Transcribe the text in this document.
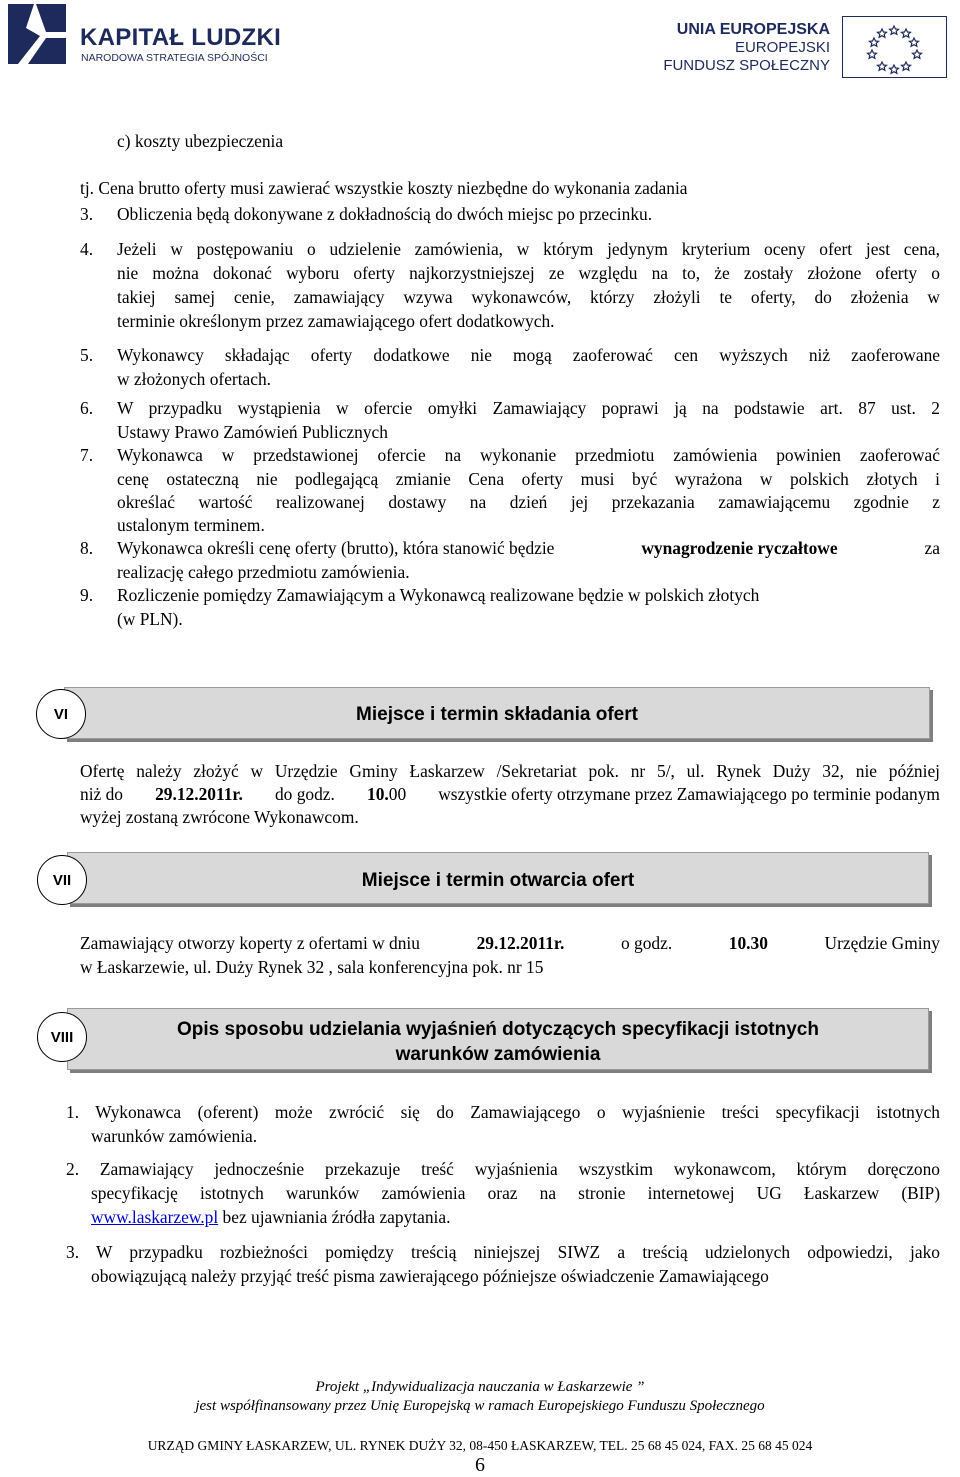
KAPITAŁ LUDZKI
NARODOWA STRATEGIA SPÓJNOŚCI
UNIA EUROPEJSKA
EUROPEJSKI
FUNDUSZ SPOŁECZNY
c) koszty ubezpieczenia
tj. Cena brutto oferty musi zawierać wszystkie koszty niezbędne do wykonania zadania
3. Obliczenia będą dokonywane z dokładnością do dwóch miejsc po przecinku.
4. Jeżeli w postępowaniu o udzielenie zamówienia, w którym jedynym kryterium oceny ofert jest cena,
nie można dokonać wyboru oferty najkorzystniejszej ze względu na to, że zostały złożone oferty o
takiej samej cenie, zamawiający wzywa wykonawców, którzy złożyli te oferty, do złożenia w
terminie określonym przez zamawiającego ofert dodatkowych.
5. Wykonawcy składając oferty dodatkowe nie mogą zaoferować cen wyższych niż zaoferowane
w złożonych ofertach.
6. W przypadku wystąpienia w ofercie omyłki Zamawiający poprawi ją na podstawie art. 87 ust. 2
Ustawy Prawo Zamówień Publicznych
7. Wykonawca w przedstawionej ofercie na wykonanie przedmiotu zamówienia powinien zaoferować
cenę ostateczną nie podlegającą zmianie Cena oferty musi być wyrażona w polskich złotych i
określać wartość realizowanej dostawy na dzień jej przekazania zamawiającemu zgodnie z
ustalonym terminem.
8. Wykonawca określi cenę oferty (brutto), która stanowić będzie	wynagrodzenie ryczałtowe	za
realizację całego przedmiotu zamówienia.
9. Rozliczenie pomiędzy Zamawiającym a Wykonawcą realizowane będzie w polskich złotych
(w PLN).
Miejsce i termin składania ofert
VI
Ofertę należy złożyć w Urzędzie Gminy Łaskarzew /Sekretariat pok. nr 5/, ul. Rynek Duży 32, nie później
niż do 29.12.2011r. do godz. 10.00 wszystkie oferty otrzymane przez Zamawiającego po terminie podanym
wyżej zostaną zwrócone Wykonawcom.
Miejsce i termin otwarcia ofert
VII
Zamawiający otworzy koperty z ofertami w dniu	29.12.2011r.	o godz.	10.30	Urzędzie Gminy
w Łaskarzewie, ul. Duży Rynek 32 , sala konferencyjna pok. nr 15
Opis sposobu udzielania wyjaśnień dotyczących specyfikacji istotnych
warunków zamówienia
VIII
1. Wykonawca (oferent) może zwrócić się do Zamawiającego o wyjaśnienie treści specyfikacji istotnych
warunków zamówienia.
2. Zamawiający jednocześnie przekazuje treść wyjaśnienia wszystkim wykonawcom, którym doręczono
specyfikację istotnych warunków zamówienia oraz na stronie internetowej UG Łaskarzew (BIP)
www.laskarzew.pl bez ujawniania źródła zapytania.
3. W przypadku rozbieżności pomiędzy treścią niniejszej SIWZ a treścią udzielonych odpowiedzi, jako
obowiązującą należy przyjąć treść pisma zawierającego późniejsze oświadczenie Zamawiającego
Projekt „Indywidualizacja nauczania w Łaskarzewie ”
jest współfinansowany przez Unię Europejską w ramach Europejskiego Funduszu Społecznego
URZĄD GMINY ŁASKARZEW, UL. RYNEK DUŻY 32, 08-450 ŁASKARZEW, TEL. 25 68 45 024, FAX. 25 68 45 024
6
